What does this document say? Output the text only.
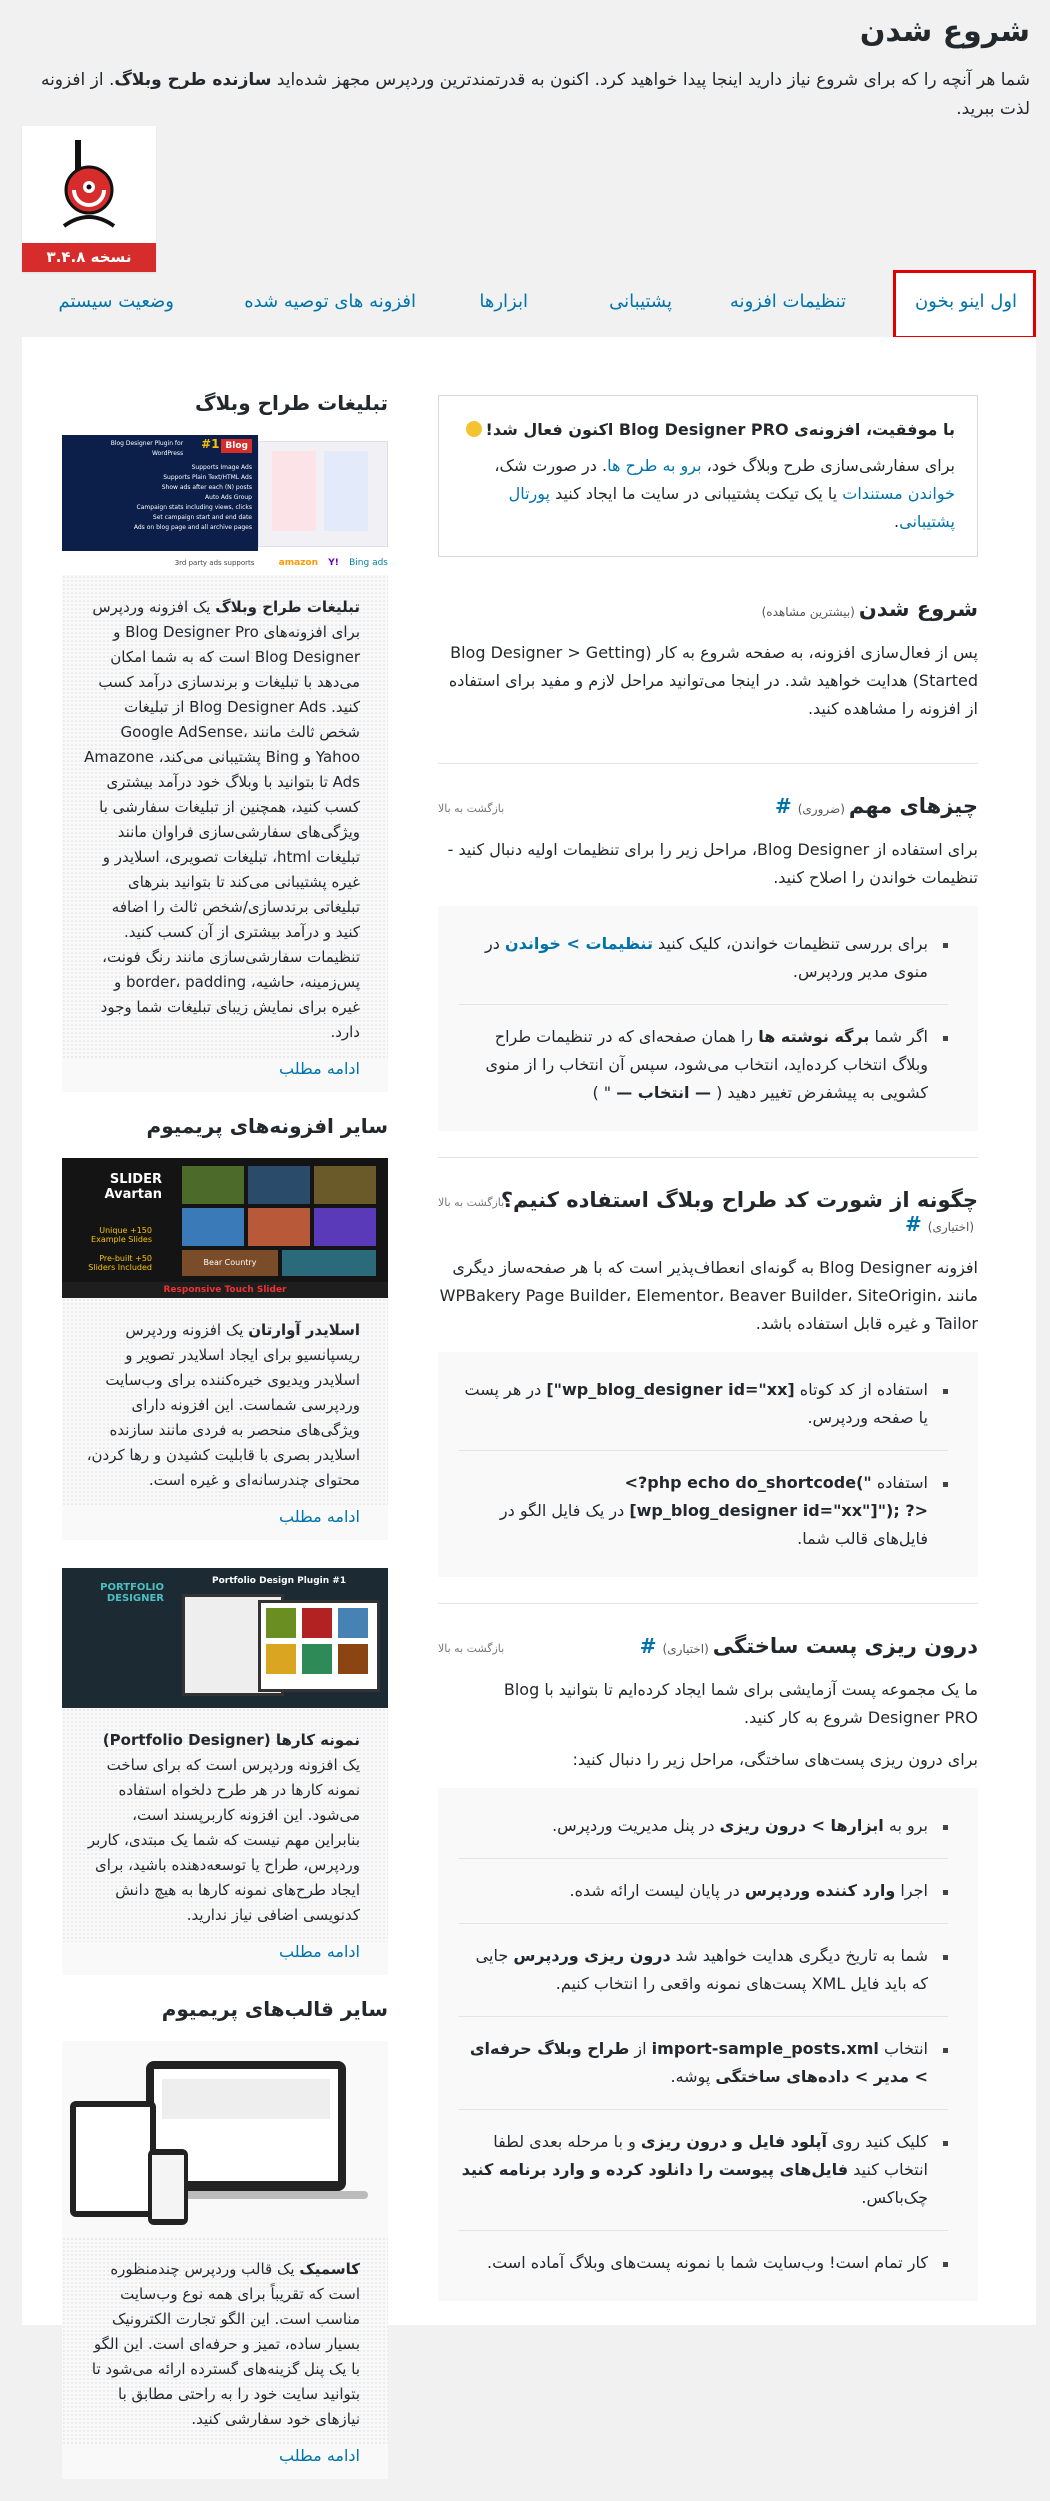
شروع شدن
شما هر آنچه را که برای شروع نیاز دارید اینجا پیدا خواهید کرد. اکنون به قدرتمندترین وردپرس مجهز شده‌اید سازنده طرح وبلاگ. از افزونه لذت ببرید.
نسخه ۳.۴.۸
اول اینو بخون
تنظیمات افزونه
پشتیبانی
ابزارها
افزونه های توصیه شده
وضعیت سیستم
با موفقیت، افزونه‌ی Blog Designer PRO اکنون فعال شد!
برای سفارشی‌سازی طرح وبلاگ خود، برو به طرح ها. در صورت شک، خواندن مستندات یا یک تیکت پشتیبانی در سایت ما ایجاد کنید پورتال پشتیبانی.
شروع شدن(بیشترین مشاهده)

پس از فعال‌سازی افزونه، به صفحه شروع به کار (Blog Designer > Getting Started) هدایت خواهید شد. در اینجا می‌توانید مراحل لازم و مفید برای استفاده از افزونه را مشاهده کنید.

چیزهای مهم(ضروری)#
بازگشت به بالا

برای استفاده از Blog Designer، مراحل زیر را برای تنظیمات اولیه دنبال کنید - تنظیمات خواندن را اصلاح کنید.

برای بررسی تنظیمات خواندن، کلیک کنید تنظیمات > خواندن در منوی مدیر وردپرس.
اگر شما برگه نوشته ها را همان صفحه‌ای که در تنظیمات طراح وبلاگ انتخاب کرده‌اید، انتخاب می‌شود، سپس آن انتخاب را از منوی کشویی به پیشفرض تغییر دهید ( — انتخاب — " )
چگونه از شورت کد طراح وبلاگ استفاده کنیم؟(اختیاری)#
بازگشت به بالا

افزونه Blog Designer به گونه‌ای انعطاف‌پذیر است که با هر صفحه‌ساز دیگری مانند WPBakery Page Builder، Elementor، Beaver Builder، SiteOrigin، Tailor و غیره قابل استفاده باشد.

استفاده از کد کوتاه [wp_blog_designer id="xx"] در هر پست یا صفحه وردپرس.
استفاده <?php echo do_shortcode("[wp_blog_designer id="xx"]"); ?> در یک فایل الگو در فایل‌های قالب شما.
درون ریزی پست ساختگی(اختیاری)#
بازگشت به بالا

ما یک مجموعه پست آزمایشی برای شما ایجاد کرده‌ایم تا بتوانید با Blog Designer PRO شروع به کار کنید.

برای درون ریزی پست‌های ساختگی، مراحل زیر را دنبال کنید:

برو به ابزارها > درون ریزی در پنل مدیریت وردپرس.
اجرا وارد کننده وردپرس در پایان لیست ارائه شده.
شما به تاریخ دیگری هدایت خواهید شد درون ریزی وردپرس جایی که باید فایل XML پست‌های نمونه واقعی را انتخاب کنیم.
انتخاب import-sample_posts.xml از طراح وبلاگ حرفه‌ای > مدیر > داده‌های ساختگی پوشه.
کلیک کنید روی آپلود فایل و درون ریزی و با مرحله بعدی لطفا انتخاب کنید فایل‌های پیوست را دانلود کرده و وارد برنامه کنید چک‌باکس.
کار تمام است! وب‌سایت شما با نمونه پست‌های وبلاگ آماده است.
تبلیغات طراح وبلاگ
Blog #1 Blog Designer Plugin for WordPress
Supports Image Ads
Supports Plain Text/HTML Ads
Show ads after each (N) posts
Auto Ads Group
Campaign stats including views, clicks
Set campaign start and end date
Ads on blog page and all archive pages
3rd party ads supports	amazon Y! Bing ads
تبلیغات طراح وبلاگ یک افزونه وردپرس برای افزونه‌های Blog Designer Pro و Blog Designer است که به شما امکان می‌دهد با تبلیغات و برندسازی درآمد کسب کنید. Blog Designer Ads از تبلیغات شخص ثالث مانند Google AdSense، Yahoo و Bing پشتیبانی می‌کند، Amazone Ads تا بتوانید با وبلاگ خود درآمد بیشتری کسب کنید، همچنین از تبلیغات سفارشی با ویژگی‌های سفارشی‌سازی فراوان مانند تبلیغات html، تبلیغات تصویری، اسلایدر و غیره پشتیبانی می‌کند تا بتوانید بنرهای تبلیغاتی برندسازی/شخص ثالث را اضافه کنید و درآمد بیشتری از آن کسب کنید. تنظیمات سفارشی‌سازی مانند رنگ فونت، پس‌زمینه، حاشیه، border، padding و غیره برای نمایش زیبای تبلیغات شما وجود دارد.
ادامه مطلب
سایر افزونه‌های پریمیوم
SLIDER Avartan
150+ Unique Example Slides
50+ Pre-built Sliders Included
Bear Country
Responsive Touch Slider
اسلایدر آوارتان یک افزونه وردپرس ریسپانسیو برای ایجاد اسلایدر تصویر و اسلایدر ویدیوی خیره‌کننده برای وب‌سایت وردپرسی شماست. این افزونه دارای ویژگی‌های منحصر به فردی مانند سازنده اسلایدر بصری با قابلیت کشیدن و رها کردن، محتوای چندرسانه‌ای و غیره است.
ادامه مطلب
PORTFOLIO DESIGNER
#1 Portfolio Design Plugin
نمونه کارها (Portfolio Designer) یک افزونه وردپرس است که برای ساخت نمونه کارها در هر طرح دلخواه استفاده می‌شود. این افزونه کاربرپسند است، بنابراین مهم نیست که شما یک مبتدی، کاربر وردپرس، طراح یا توسعه‌دهنده باشید، برای ایجاد طرح‌های نمونه کارها به هیچ دانش کدنویسی اضافی نیاز ندارید.
ادامه مطلب
سایر قالب‌های پریمیوم
کاسمیک یک قالب وردپرس چندمنظوره است که تقریباً برای همه نوع وب‌سایت مناسب است. این الگو تجارت الکترونیک بسیار ساده، تمیز و حرفه‌ای است. این الگو با یک پنل گزینه‌های گسترده ارائه می‌شود تا بتوانید سایت خود را به راحتی مطابق با نیازهای خود سفارشی کنید.
ادامه مطلب
